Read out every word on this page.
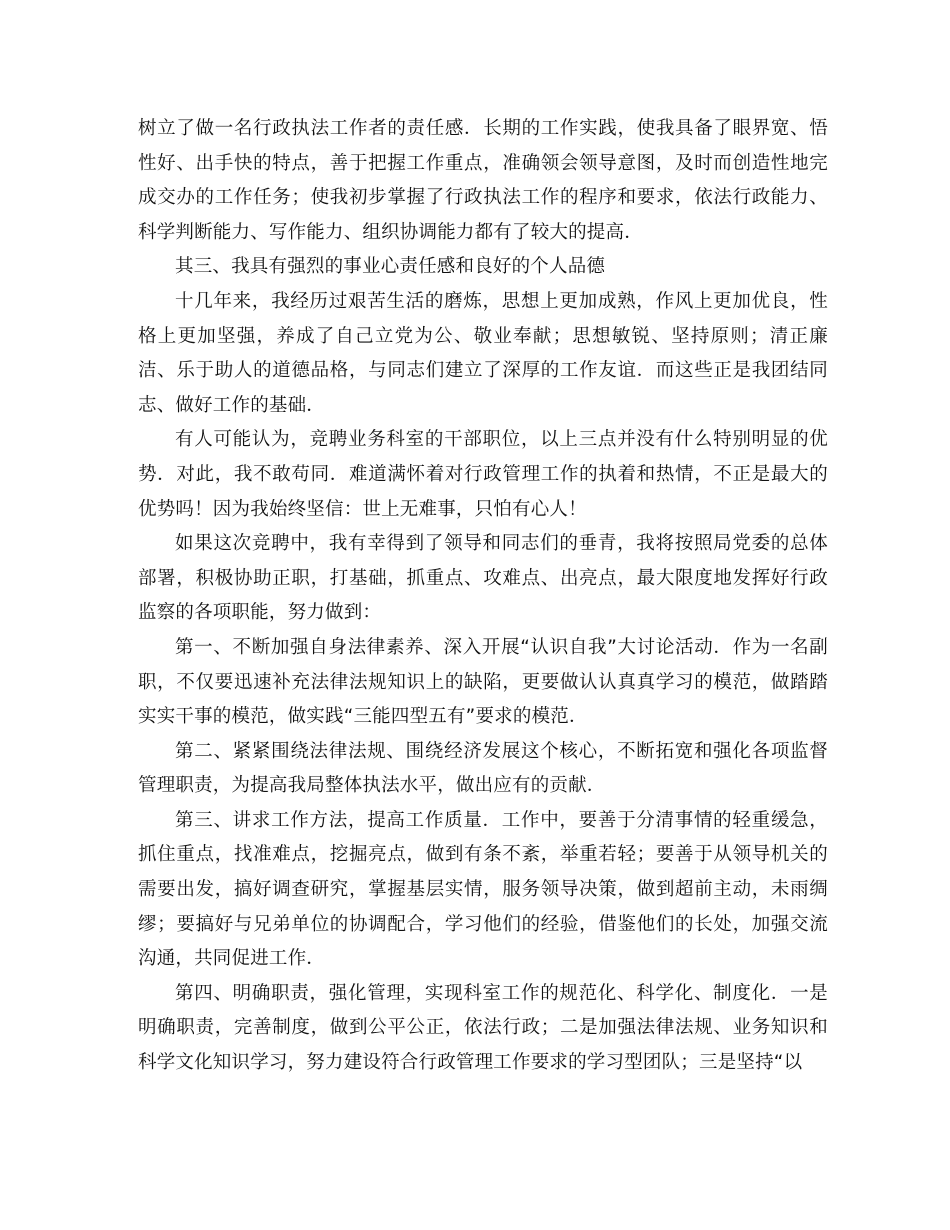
树立了做一名行政执法工作者的责任感．长期的工作实践，使我具备了眼界宽、悟性好、出手快的特点，善于把握工作重点，准确领会领导意图，及时而创造性地完成交办的工作任务；使我初步掌握了行政执法工作的程序和要求，依法行政能力、科学判断能力、写作能力、组织协调能力都有了较大的提高．

其三、我具有强烈的事业心责任感和良好的个人品德

十几年来，我经历过艰苦生活的磨炼，思想上更加成熟，作风上更加优良，性格上更加坚强，养成了自己立党为公、敬业奉献；思想敏锐、坚持原则；清正廉洁、乐于助人的道德品格，与同志们建立了深厚的工作友谊．而这些正是我团结同志、做好工作的基础．

有人可能认为，竞聘业务科室的干部职位，以上三点并没有什么特别明显的优势．对此，我不敢苟同．难道满怀着对行政管理工作的执着和热情，不正是最大的优势吗！因为我始终坚信：世上无难事，只怕有心人！

如果这次竞聘中，我有幸得到了领导和同志们的垂青，我将按照局党委的总体部署，积极协助正职，打基础，抓重点、攻难点、出亮点，最大限度地发挥好行政监察的各项职能，努力做到：

第一、不断加强自身法律素养、深入开展“认识自我”大讨论活动．作为一名副职，不仅要迅速补充法律法规知识上的缺陷，更要做认认真真学习的模范，做踏踏实实干事的模范，做实践“三能四型五有”要求的模范．

第二、紧紧围绕法律法规、围绕经济发展这个核心，不断拓宽和强化各项监督管理职责，为提高我局整体执法水平，做出应有的贡献．

第三、讲求工作方法，提高工作质量．工作中，要善于分清事情的轻重缓急，抓住重点，找准难点，挖掘亮点，做到有条不紊，举重若轻；要善于从领导机关的需要出发，搞好调查研究，掌握基层实情，服务领导决策，做到超前主动，未雨绸缪；要搞好与兄弟单位的协调配合，学习他们的经验，借鉴他们的长处，加强交流沟通，共同促进工作．

第四、明确职责，强化管理，实现科室工作的规范化、科学化、制度化．一是明确职责，完善制度，做到公平公正，依法行政；二是加强法律法规、业务知识和科学文化知识学习，努力建设符合行政管理工作要求的学习型团队；三是坚持“以
